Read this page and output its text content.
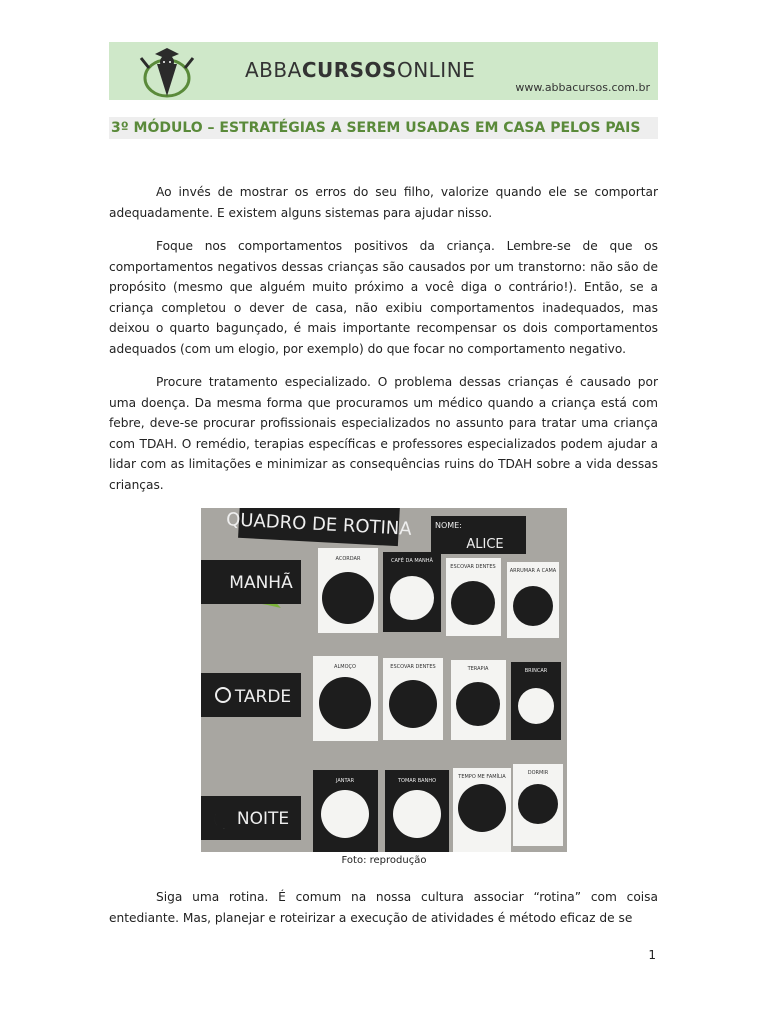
ABBACURSOSONLINE
www.abbacursos.com.br
3º MÓDULO – ESTRATÉGIAS A SEREM USADAS EM CASA PELOS PAIS

Ao invés de mostrar os erros do seu filho, valorize quando ele se comportar adequadamente. E existem alguns sistemas para ajudar nisso.

Foque nos comportamentos positivos da criança. Lembre-se de que os comportamentos negativos dessas crianças são causados por um transtorno: não são de propósito (mesmo que alguém muito próximo a você diga o contrário!). Então, se a criança completou o dever de casa, não exibiu comportamentos inadequados, mas deixou o quarto bagunçado, é mais importante recompensar os dois comportamentos adequados (com um elogio, por exemplo) do que focar no comportamento negativo.

Procure tratamento especializado. O problema dessas crianças é causado por uma doença. Da mesma forma que procuramos um médico quando a criança está com febre, deve-se procurar profissionais especializados no assunto para tratar uma criança com TDAH. O remédio, terapias específicas e professores especializados podem ajudar a lidar com as limitações e minimizar as consequências ruins do TDAH sobre a vida dessas crianças.

QUADRO DE ROTINA	NOME:
ALICE
MANHÃ
TARDE
NOITE
ACORDAR	CAFÉ DA MANHÃ
ESCOVAR DENTES
ARRUMAR A CAMA
ALMOÇO	ESCOVAR DENTES	TERAPIA	BRINCAR
JANTAR	TOMAR BANHO
TEMPO ME FAMÍLIA
DORMIR
Foto: reprodução

Siga uma rotina. É comum na nossa cultura associar “rotina” com coisa entediante. Mas, planejar e roteirizar a execução de atividades é método eficaz de se

1
